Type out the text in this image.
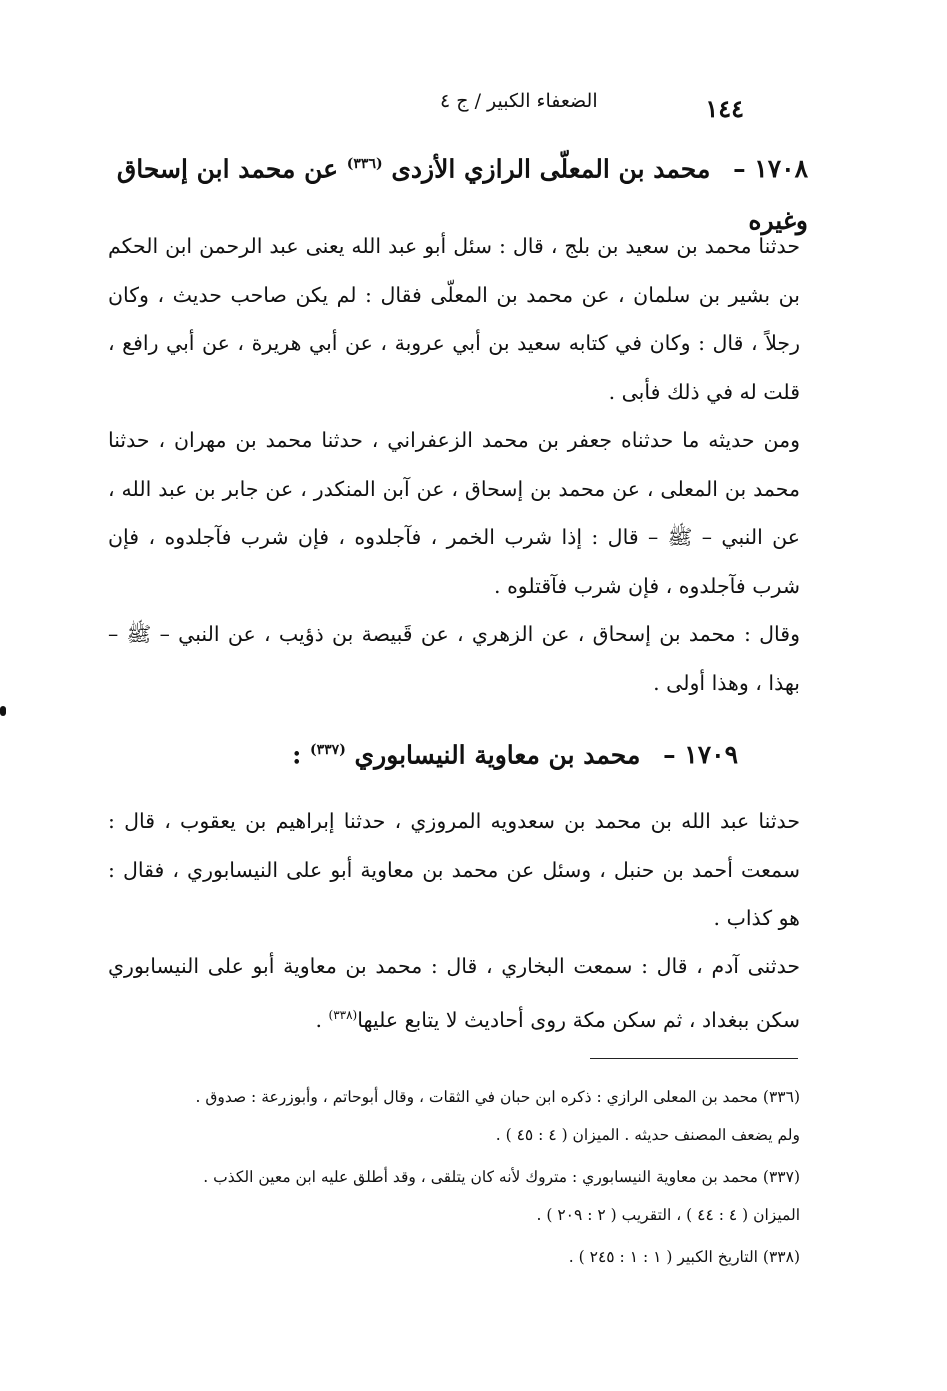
الضعفاء الكبير / ج ٤	١٤٤
١٧٠٨ – محمد بن المعلّى الرازي الأزدى $^{(٣٣٦)}$ عن محمد ابن إسحاق وغيره

حدثنا محمد بن سعيد بن بلج ، قال : سئل أبو عبد الله يعنى عبد الرحمن ابن الحكم بن بشير بن سلمان ، عن محمد بن المعلّى فقال : لم يكن صاحب حديث ، وكان رجلاً ، قال : وكان في كتابه سعيد بن أبي عروبة ، عن أبي هريرة ، عن أبي رافع ، قلت له في ذلك فأبى .

ومن حديثه ما حدثناه جعفر بن محمد الزعفراني ، حدثنا محمد بن مهران ، حدثنا محمد بن المعلى ، عن محمد بن إسحاق ، عن آبن المنكدر ، عن جابر بن عبد الله ، عن النبي – ﷺ – قال : إذا شرب الخمر ، فآجلدوه ، فإن شرب فآجلدوه ، فإن شرب فآجلدوه ، فإن شرب فآقتلوه .

وقال : محمد بن إسحاق ، عن الزهري ، عن قَبيصة بن ذؤيب ، عن النبي – ﷺ – بهذا ، وهذا أولى .

١٧٠٩ – محمد بن معاوية النيسابوري $^{(٣٣٧)}$ :

حدثنا عبد الله بن محمد بن سعدويه المروزي ، حدثنا إبراهيم بن يعقوب ، قال : سمعت أحمد بن حنبل ، وسئل عن محمد بن معاوية أبو على النيسابوري ، فقال : هو كذاب .

حدثنى آدم ، قال : سمعت البخاري ، قال : محمد بن معاوية أبو على النيسابوري سكن ببغداد ، ثم سكن مكة روى أحاديث لا يتابع عليها$^{(٣٣٨)}$ .

(٣٣٦) محمد بن المعلى الرازي : ذكره ابن حبان في الثقات ، وقال أبوحاتم ، وأبوزرعة : صدوق .
ولم يضعف المصنف حديثه . الميزان ( ٤ : ٤٥ ) .
(٣٣٧) محمد بن معاوية النيسابوري : متروك لأنه كان يتلقى ، وقد أطلق عليه ابن معين الكذب .
الميزان ( ٤ : ٤٤ ) ، التقريب ( ٢ : ٢٠٩ ) .
(٣٣٨) التاريخ الكبير ( ١ : ١ : ٢٤٥ ) .
